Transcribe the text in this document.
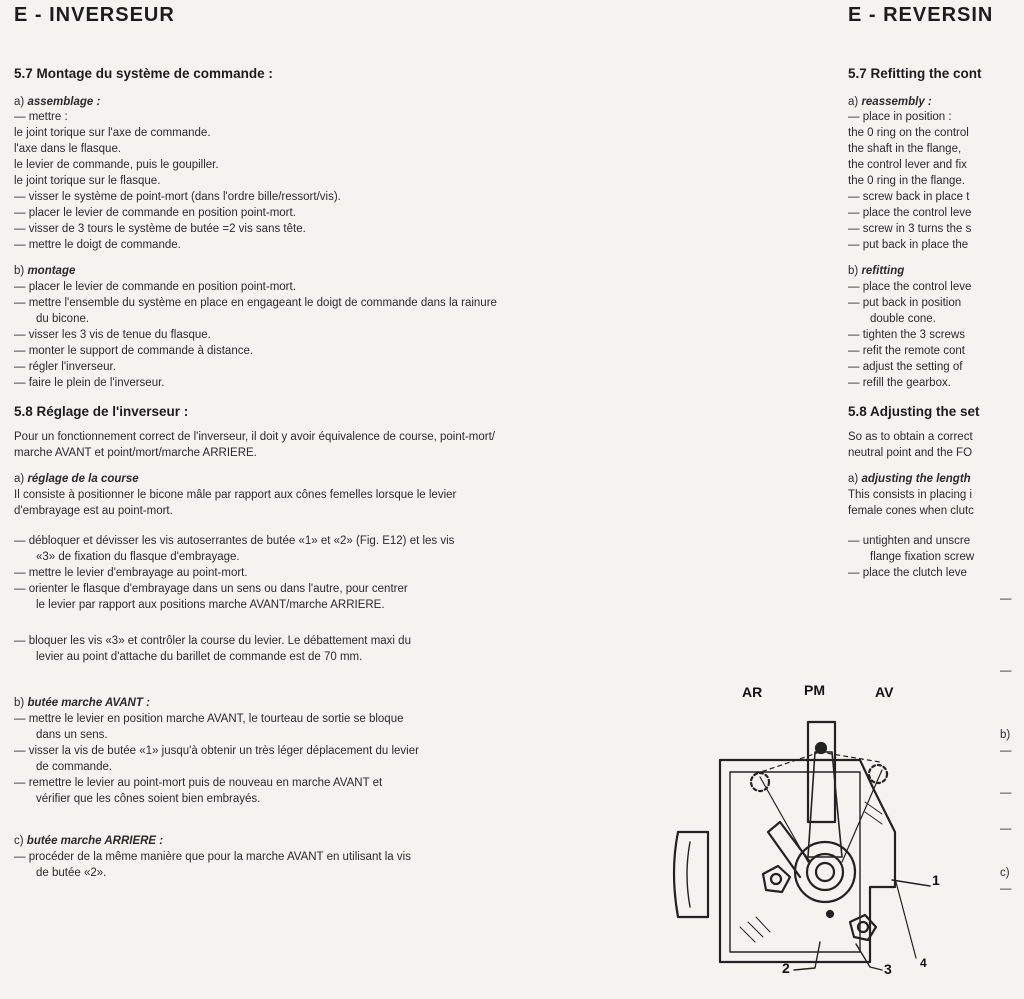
E - INVERSEUR
5.7 Montage du système de commande :
a) assemblage :
— mettre :
le joint torique sur l'axe de commande.
l'axe dans le flasque.
le levier de commande, puis le goupiller.
le joint torique sur le flasque.
— visser le système de point-mort (dans l'ordre bille/ressort/vis).
— placer le levier de commande en position point-mort.
— visser de 3 tours le système de butée =2 vis sans tête.
— mettre le doigt de commande.
b) montage
— placer le levier de commande en position point-mort.
— mettre l'ensemble du système en place en engageant le doigt de commande dans la rainure
du bicone.
— visser les 3 vis de tenue du flasque.
— monter le support de commande à distance.
— régler l'inverseur.
— faire le plein de l'inverseur.
5.8 Réglage de l'inverseur :
Pour un fonctionnement correct de l'inverseur, il doit y avoir équivalence de course, point-mort/
marche AVANT et point/mort/marche ARRIERE.
a) réglage de la course
Il consiste à positionner le bicone mâle par rapport aux cônes femelles lorsque le levier
d'embrayage est au point-mort.
— débloquer et dévisser les vis autoserrantes de butée «1» et «2» (Fig. E12) et les vis
«3» de fixation du flasque d'embrayage.
— mettre le levier d'embrayage au point-mort.
— orienter le flasque d'embrayage dans un sens ou dans l'autre, pour centrer
le levier par rapport aux positions marche AVANT/marche ARRIERE.
— bloquer les vis «3» et contrôler la course du levier. Le débattement maxi du
levier au point d'attache du barillet de commande est de 70 mm.
b) butée marche AVANT :
— mettre le levier en position marche AVANT, le tourteau de sortie se bloque
dans un sens.
— visser la vis de butée «1» jusqu'à obtenir un très léger déplacement du levier
de commande.
— remettre le levier au point-mort puis de nouveau en marche AVANT et
vérifier que les cônes soient bien embrayés.
c) butée marche ARRIERE :
— procéder de la même manière que pour la marche AVANT en utilisant la vis
de butée «2».
E - REVERSIN
5.7 Refitting the cont
a) reassembly :
— place in position :
the 0 ring on the control
the shaft in the flange,
the control lever and fix
the 0 ring in the flange.
— screw back in place t
— place the control leve
— screw in 3 turns the s
— put back in place the
b) refitting
— place the control leve
— put back in position
double cone.
— tighten the 3 screws
— refit the remote cont
— adjust the setting of
— refill the gearbox.
5.8 Adjusting the set
So as to obtain a correct
neutral point and the FO
a) adjusting the length
This consists in placing i
female cones when clutc
— untighten and unscre
flange fixation screw
— place the clutch leve
—
—
b)
—
—
—
c)
—
AR	PM	AV
1
2	3 4
